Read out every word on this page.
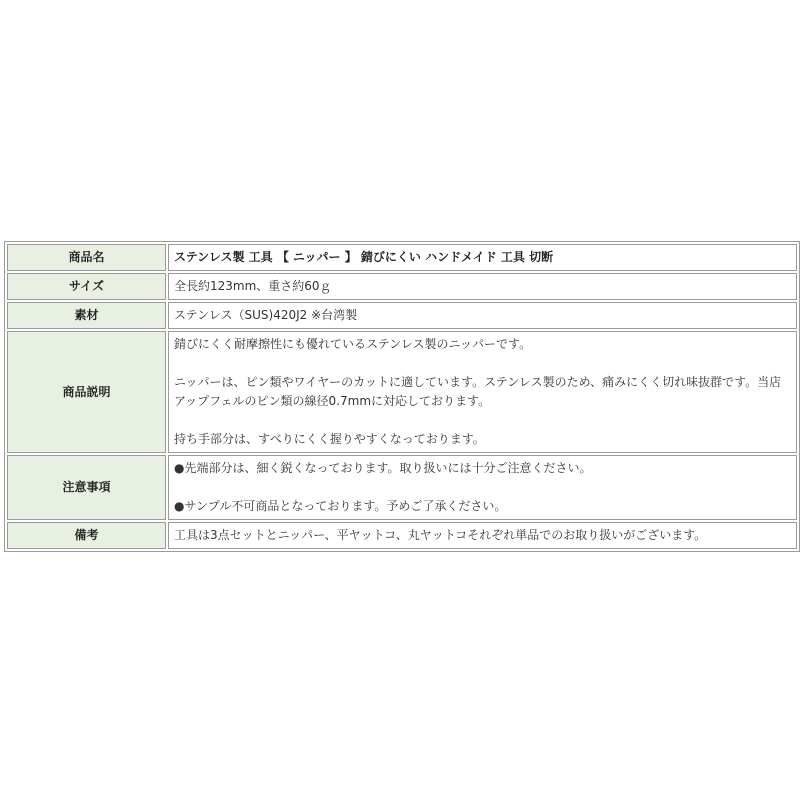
商品名	ステンレス製 工具 【 ニッパー 】 錆びにくい ハンドメイド 工具 切断

サイズ	全長約123mm、重さ約60ｇ

素材	ステンレス（SUS)420J2 ※台湾製

商品説明	錆びにくく耐摩擦性にも優れているステンレス製のニッパーです。

ニッパーは、ピン類やワイヤーのカットに適しています。ステンレス製のため、痛みにくく切れ味抜群です。当店アップフェルのピン類の線径0.7mmに対応しております。

持ち手部分は、すべりにくく握りやすくなっております。

注意事項	●先端部分は、細く鋭くなっております。取り扱いには十分ご注意ください。

●サンプル不可商品となっております。予めご了承ください。

備考	工具は3点セットとニッパー、平ヤットコ、丸ヤットコそれぞれ単品でのお取り扱いがございます。
